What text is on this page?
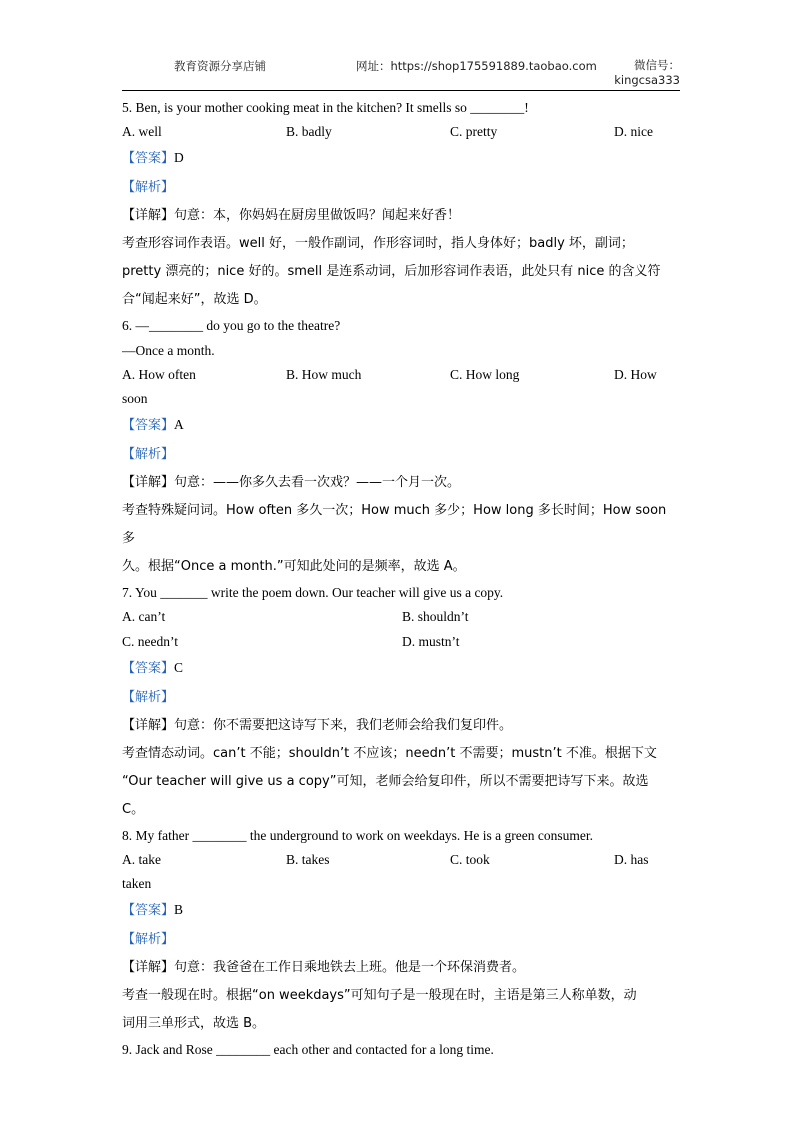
教育资源分享店铺	网址：https://shop175591889.taobao.com	微信号：
kingcsa333
5. Ben, is your mother cooking meat in the kitchen? It smells so ________!
A. well	B. badly	C. pretty	D. nice
【答案】D
【解析】
【详解】句意：本，你妈妈在厨房里做饭吗？闻起来好香！
考查形容词作表语。well 好，一般作副词，作形容词时，指人身体好；badly 坏，副词；
pretty 漂亮的；nice 好的。smell 是连系动词，后加形容词作表语，此处只有 nice 的含义符
合“闻起来好”，故选 D。
6. —________ do you go to the theatre?
—Once a month.
A. How often	B. How much	C. How long	D. How
soon
【答案】A
【解析】
【详解】句意：——你多久去看一次戏？——一个月一次。
考查特殊疑问词。How often 多久一次；How much 多少；How long 多长时间；How soon 多
久。根据“Once a month.”可知此处问的是频率，故选 A。
7. You _______ write the poem down. Our teacher will give us a copy.
A. can’t	B. shouldn’t
C. needn’t	D. mustn’t
【答案】C
【解析】
【详解】句意：你不需要把这诗写下来，我们老师会给我们复印件。
考查情态动词。can’t 不能；shouldn’t 不应该；needn’t 不需要；mustn’t 不准。根据下文
“Our teacher will give us a copy”可知，老师会给复印件，所以不需要把诗写下来。故选
C。
8. My father ________ the underground to work on weekdays. He is a green consumer.
A. take	B. takes	C. took	D. has
taken
【答案】B
【解析】
【详解】句意：我爸爸在工作日乘地铁去上班。他是一个环保消费者。
考查一般现在时。根据“on weekdays”可知句子是一般现在时，主语是第三人称单数，动
词用三单形式，故选 B。
9. Jack and Rose ________ each other and contacted for a long time.
